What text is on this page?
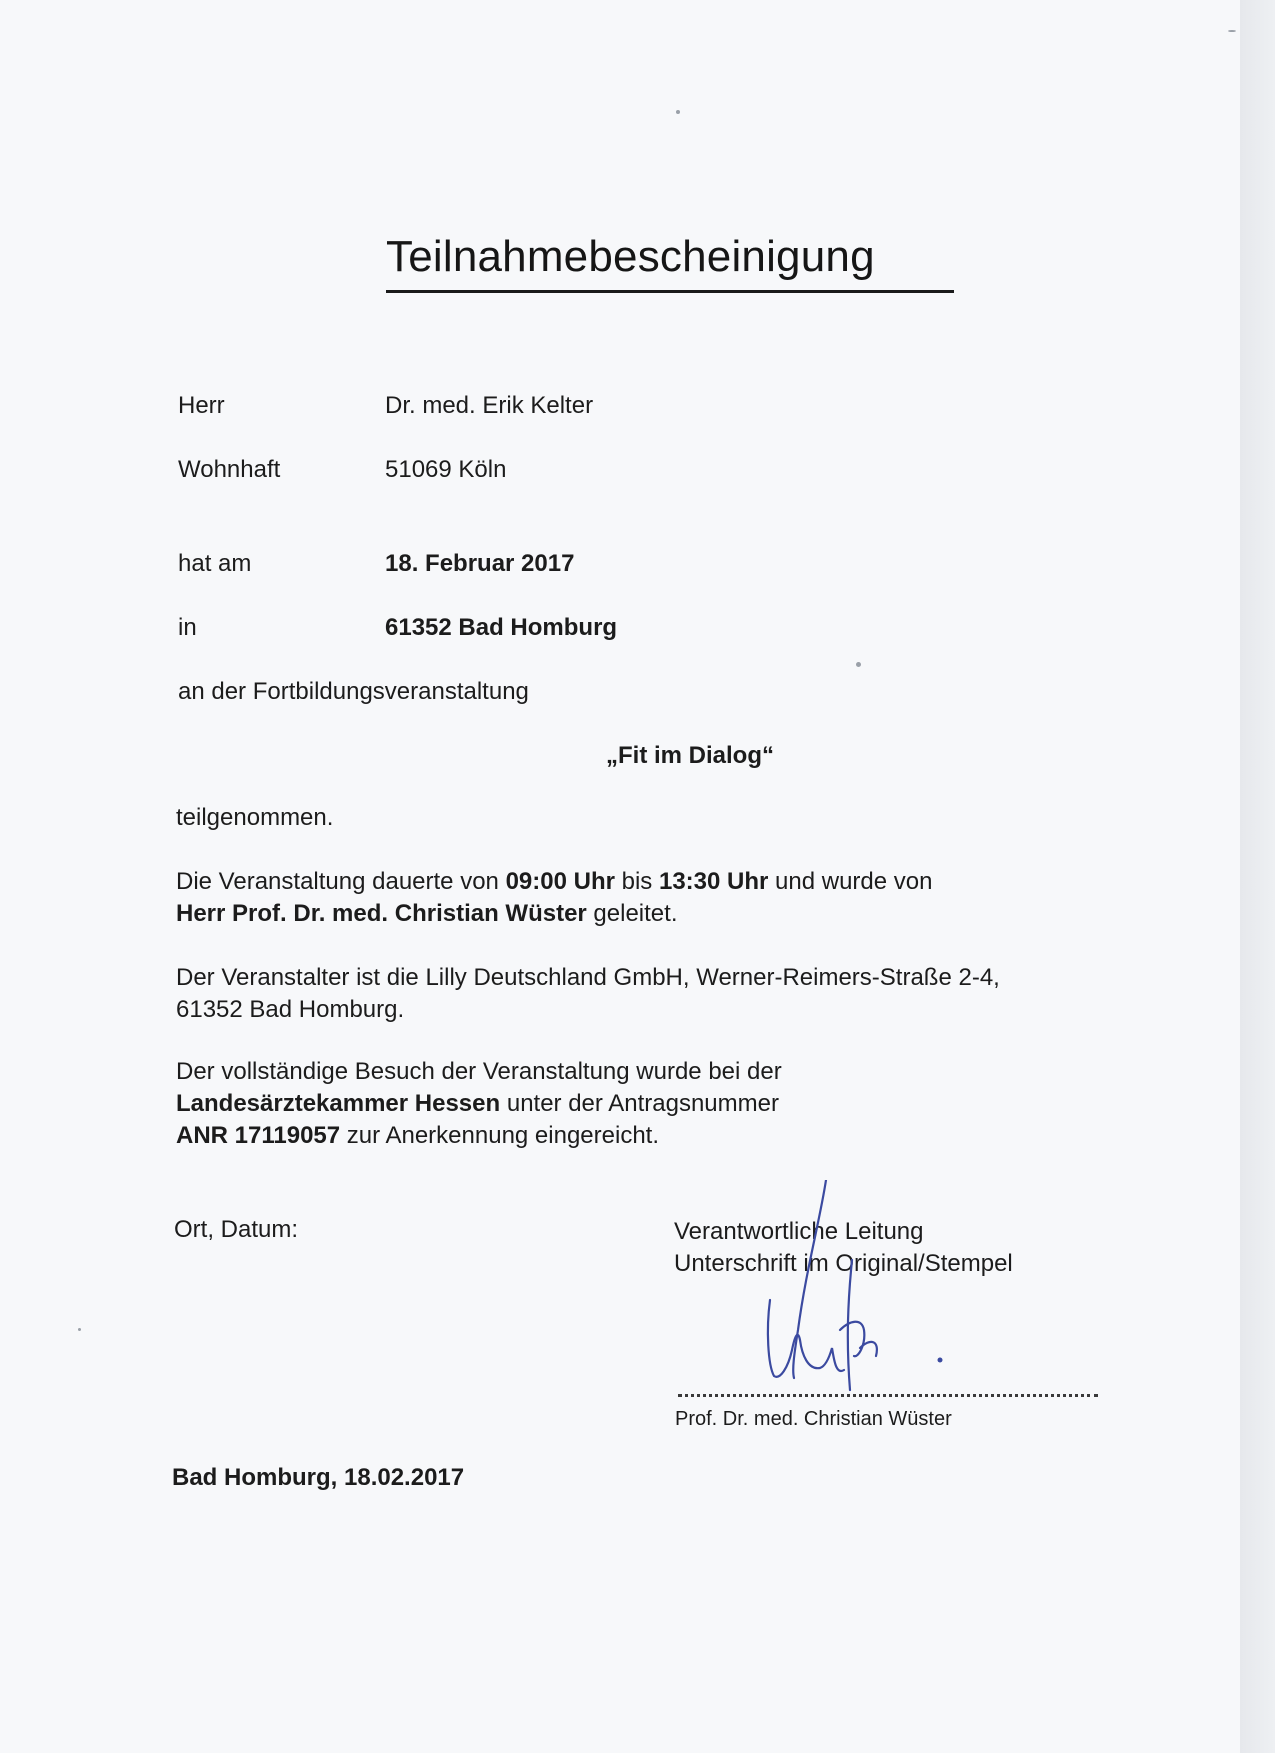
Teilnahmebescheinigung
Herr	Dr. med. Erik Kelter
Wohnhaft	51069 Köln
hat am	18. Februar 2017
in	61352 Bad Homburg
an der Fortbildungsveranstaltung
„Fit im Dialog“
teilgenommen.
Die Veranstaltung dauerte von 09:00 Uhr bis 13:30 Uhr und wurde von
Herr Prof. Dr. med. Christian Wüster geleitet.
Der Veranstalter ist die Lilly Deutschland GmbH, Werner-Reimers-Straße 2-4,
61352 Bad Homburg.
Der vollständige Besuch der Veranstaltung wurde bei der
Landesärztekammer Hessen unter der Antragsnummer
ANR 17119057 zur Anerkennung eingereicht.
Ort, Datum:	Verantwortliche Leitung
Unterschrift im Original/Stempel
Prof. Dr. med. Christian Wüster
Bad Homburg, 18.02.2017
